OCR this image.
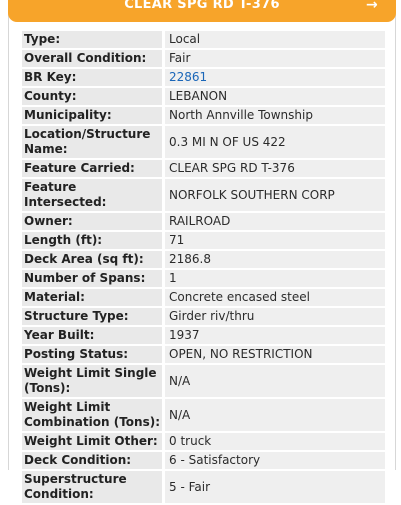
CLEAR SPG RD T-376	→
Type:	Local
Overall Condition:	Fair
BR Key:	22861
County:	LEBANON
Municipality:	North Annville Township
Location/Structure Name:
0.3 MI N OF US 422
Feature Carried:	CLEAR SPG RD T-376
Feature Intersected:
NORFOLK SOUTHERN CORP
Owner:	RAILROAD
Length (ft):	71
Deck Area (sq ft):	2186.8
Number of Spans:	1
Material:	Concrete encased steel
Structure Type:	Girder riv/thru
Year Built:	1937
Posting Status:	OPEN, NO RESTRICTION
Weight Limit Single (Tons):
N/A
Weight Limit Combination (Tons):
N/A
Weight Limit Other: 0 truck
Deck Condition:	6 - Satisfactory
Superstructure Condition:
5 - Fair
